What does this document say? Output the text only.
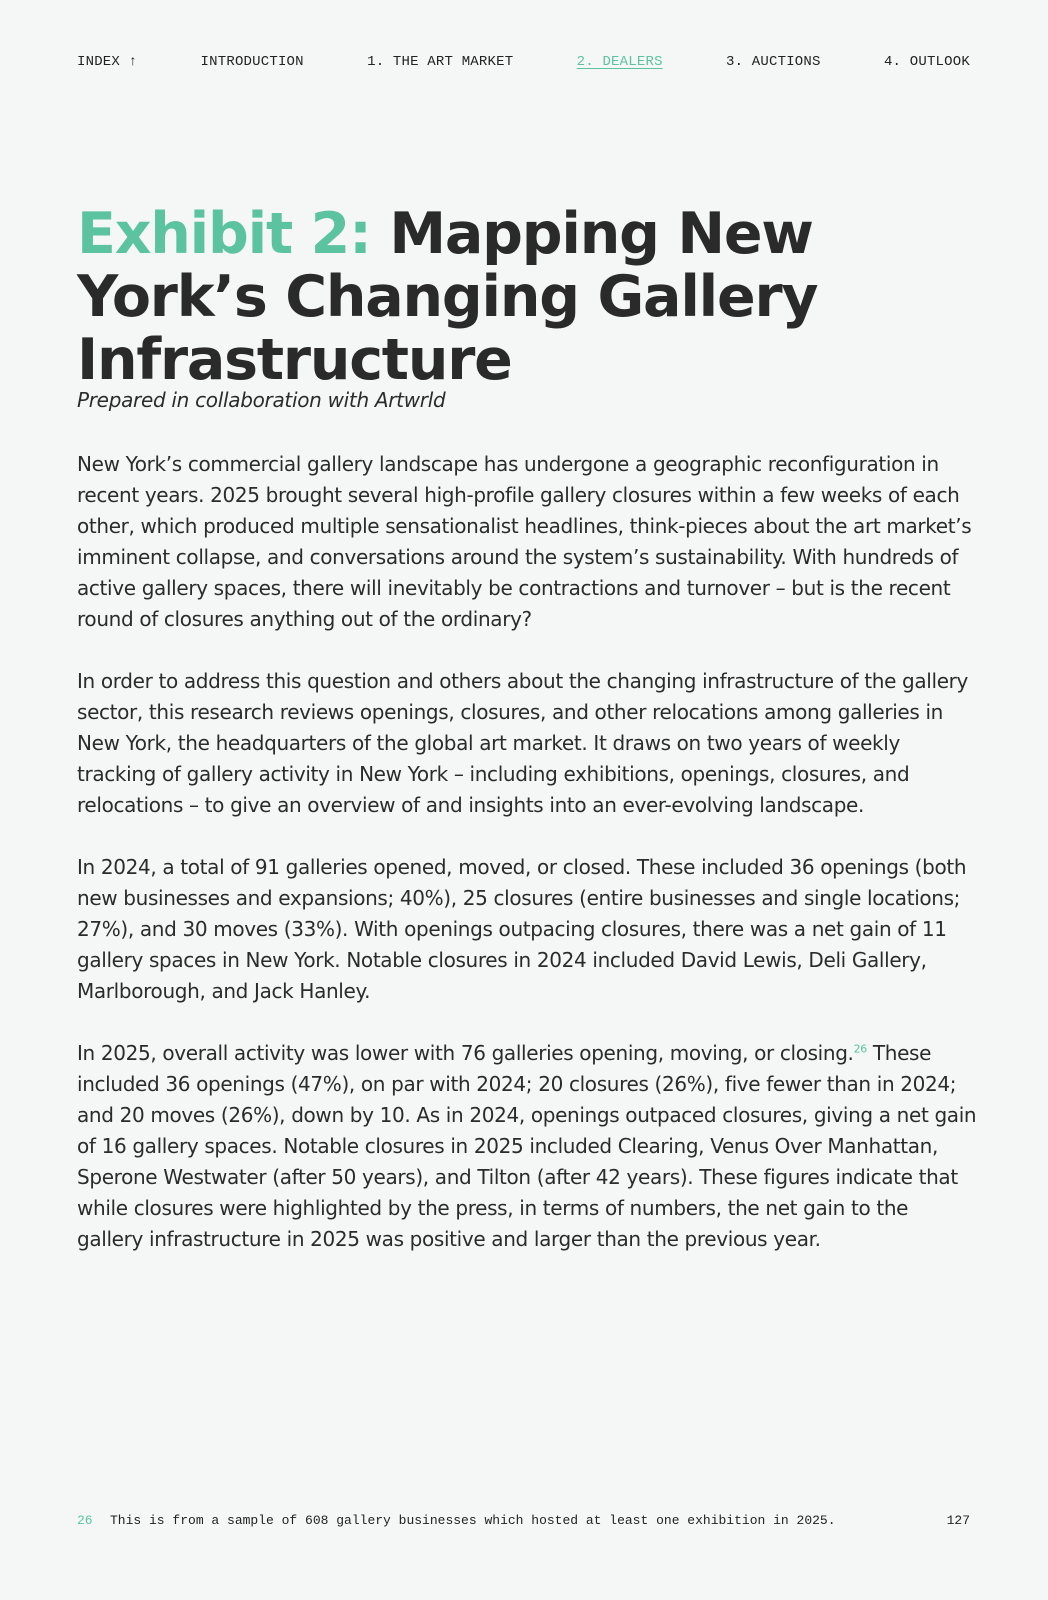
INDEX ↑	INTRODUCTION	1. THE ART MARKET	2. DEALERS	3. AUCTIONS	4. OUTLOOK
Exhibit 2: Mapping New York’s Changing Gallery Infrastructure
Prepared in collaboration with Artwrld

New York’s commercial gallery landscape has undergone a geographic reconfiguration in recent years. 2025 brought several high-profile gallery closures within a few weeks of each other, which produced multiple sensationalist headlines, think-pieces about the art market’s imminent collapse, and conversations around the system’s sustainability. With hundreds of active gallery spaces, there will inevitably be contractions and turnover – but is the recent round of closures anything out of the ordinary?

In order to address this question and others about the changing infrastructure of the gallery sector, this research reviews openings, closures, and other relocations among galleries in New York, the headquarters of the global art market. It draws on two years of weekly tracking of gallery activity in New York – including exhibitions, openings, closures, and relocations – to give an overview of and insights into an ever-evolving landscape.

In 2024, a total of 91 galleries opened, moved, or closed. These included 36 openings (both new businesses and expansions; 40%), 25 closures (entire businesses and single locations; 27%), and 30 moves (33%). With openings outpacing closures, there was a net gain of 11 gallery spaces in New York. Notable closures in 2024 included David Lewis, Deli Gallery, Marlborough, and Jack Hanley.

In 2025, overall activity was lower with 76 galleries opening, moving, or closing.$^{26}$ These included 36 openings (47%), on par with 2024; 20 closures (26%), five fewer than in 2024; and 20 moves (26%), down by 10. As in 2024, openings outpaced closures, giving a net gain of 16 gallery spaces. Notable closures in 2025 included Clearing, Venus Over Manhattan, Sperone Westwater (after 50 years), and Tilton (after 42 years). These figures indicate that while closures were highlighted by the press, in terms of numbers, the net gain to the gallery infrastructure in 2025 was positive and larger than the previous year.

26	This is from a sample of 608 gallery businesses which hosted at least one exhibition in 2025.	127
